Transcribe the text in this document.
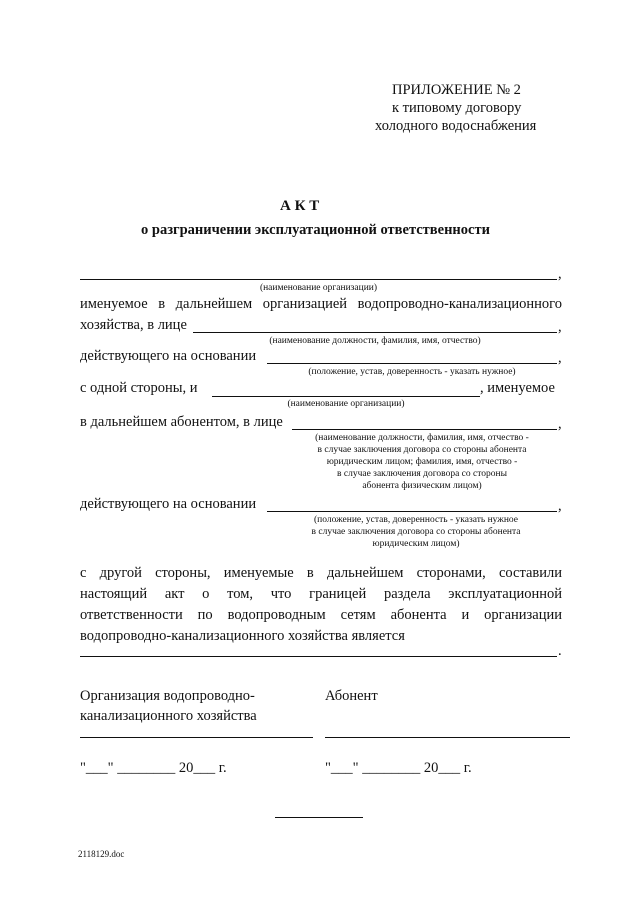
ПРИЛОЖЕНИЕ № 2
к типовому договору
холодного водоснабжения
А К Т
о разграничении эксплуатационной ответственности
,
(наименование организации)
именуемое в дальнейшем организацией водопроводно-канализационного
хозяйства, в лице	,
(наименование должности, фамилия, имя, отчество)
действующего на основании	,
(положение, устав, доверенность - указать нужное)
с одной стороны, и	, именуемое
(наименование организации)
в дальнейшем абонентом, в лице	,
(наименование должности, фамилия, имя, отчество -
в случае заключения договора со стороны абонента
юридическим лицом; фамилия, имя, отчество -
в случае заключения договора со стороны
абонента физическим лицом)
действующего на основании	,
(положение, устав, доверенность - указать нужное
в случае заключения договора со стороны абонента
юридическим лицом)
с другой стороны, именуемые в дальнейшем сторонами, составили
настоящий акт о том, что границей раздела эксплуатационной
ответственности по водопроводным сетям абонента и организации
водопроводно-канализационного хозяйства является
.
Организация водопроводно-
канализационного хозяйства
Абонент
"___" ________ 20___ г.	"___" ________ 20___ г.
2118129.doc
